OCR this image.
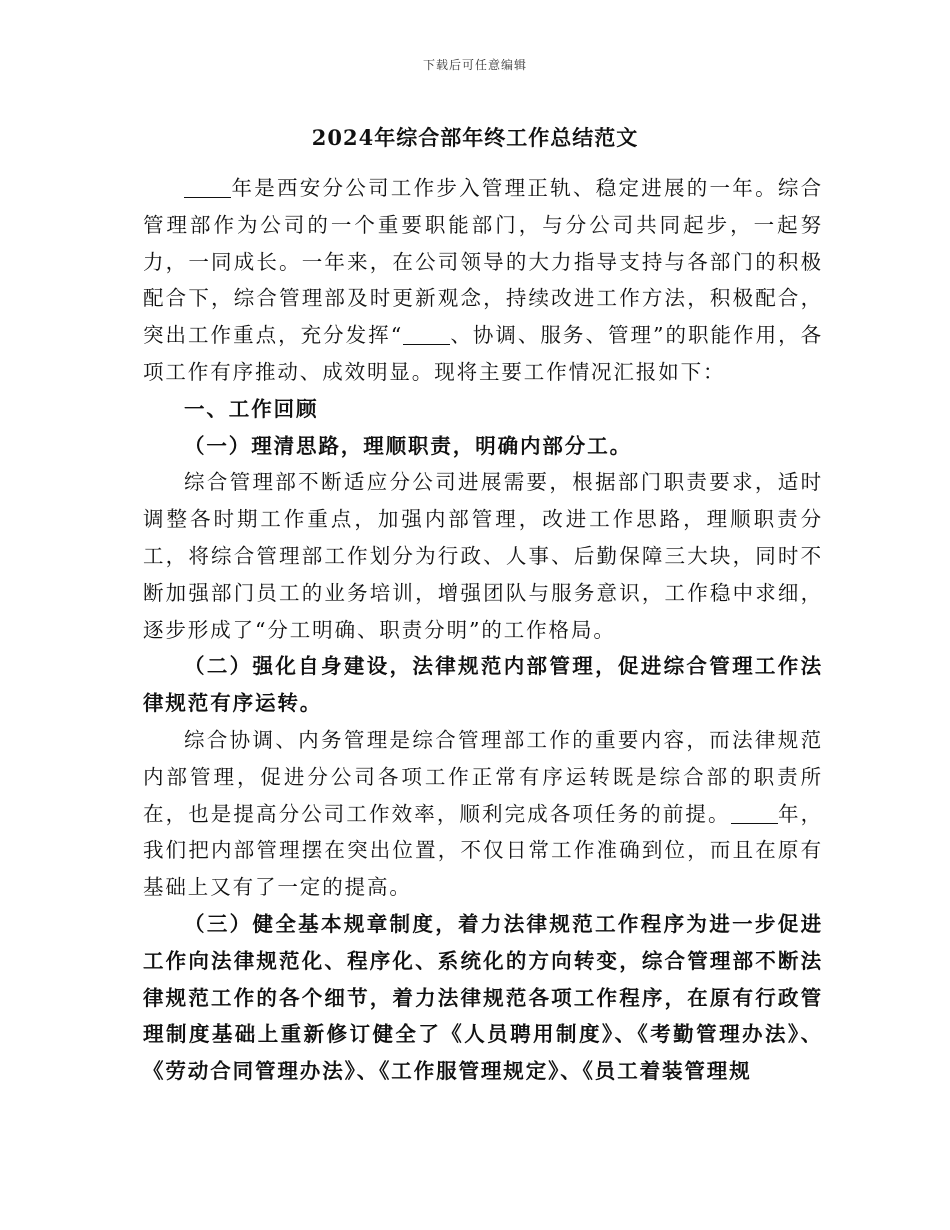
下载后可任意编辑
2024年综合部年终工作总结范文

年是西安分公司工作步入管理正轨、稳定进展的一年。综合管理部作为公司的一个重要职能部门，与分公司共同起步，一起努力，一同成长。一年来，在公司领导的大力指导支持与各部门的积极配合下，综合管理部及时更新观念，持续改进工作方法，积极配合，突出工作重点，充分发挥“ 、协调、服务、管理”的职能作用，各项工作有序推动、成效明显。现将主要工作情况汇报如下：

一、工作回顾

（一）理清思路，理顺职责，明确内部分工。

综合管理部不断适应分公司进展需要，根据部门职责要求，适时调整各时期工作重点，加强内部管理，改进工作思路，理顺职责分工，将综合管理部工作划分为行政、人事、后勤保障三大块，同时不断加强部门员工的业务培训，增强团队与服务意识，工作稳中求细，逐步形成了“分工明确、职责分明”的工作格局。

（二）强化自身建设，法律规范内部管理，促进综合管理工作法律规范有序运转。

综合协调、内务管理是综合管理部工作的重要内容，而法律规范内部管理，促进分公司各项工作正常有序运转既是综合部的职责所在，也是提高分公司工作效率，顺利完成各项任务的前提。 年，我们把内部管理摆在突出位置，不仅日常工作准确到位，而且在原有基础上又有了一定的提高。

（三）健全基本规章制度，着力法律规范工作程序为进一步促进工作向法律规范化、程序化、系统化的方向转变，综合管理部不断法律规范工作的各个细节，着力法律规范各项工作程序，在原有行政管理制度基础上重新修订健全了《人员聘用制度》、《考勤管理办法》、《劳动合同管理办法》、《工作服管理规定》、《员工着装管理规
